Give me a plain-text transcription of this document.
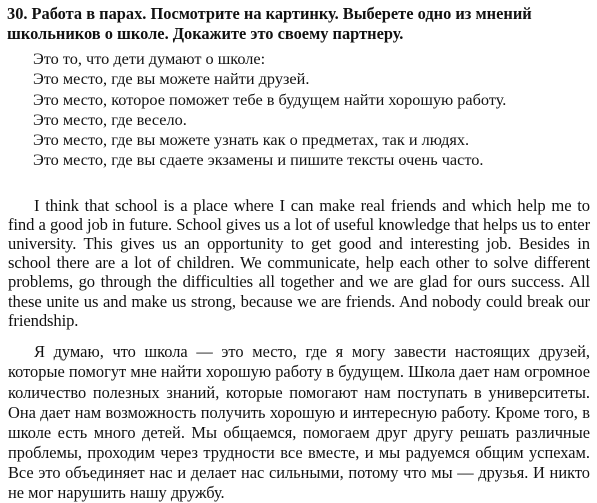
30. Работа в парах. Посмотрите на картинку. Выберете одно из мнений школьников о школе. Докажите это своему партнеру.
Это то, что дети думают о школе:
Это место, где вы можете найти друзей.
Это место, которое поможет тебе в будущем найти хорошую работу.
Это место, где весело.
Это место, где вы можете узнать как о предметах, так и людях.
Это место, где вы сдаете экзамены и пишите тексты очень часто.

I think that school is a place where I can make real friends and which help me to find a good job in future. School gives us a lot of useful knowledge that helps us to enter university. This gives us an opportunity to get good and interesting job. Besides in school there are a lot of children. We communicate, help each other to solve different problems, go through the difficulties all together and we are glad for ours success. All these unite us and make us strong, because we are friends. And nobody could break our friendship.

Я думаю, что школа — это место, где я могу завести настоящих друзей, которые помогут мне найти хорошую работу в будущем. Школа дает нам огромное количество полезных знаний, которые помогают нам поступать в университеты. Она дает нам возможность получить хорошую и интересную работу. Кроме того, в школе есть много детей. Мы общаемся, помогаем друг другу решать различные проблемы, проходим через трудности все вместе, и мы радуемся общим успехам. Все это объединяет нас и делает нас сильными, потому что мы — друзья. И никто не мог нарушить нашу дружбу.
